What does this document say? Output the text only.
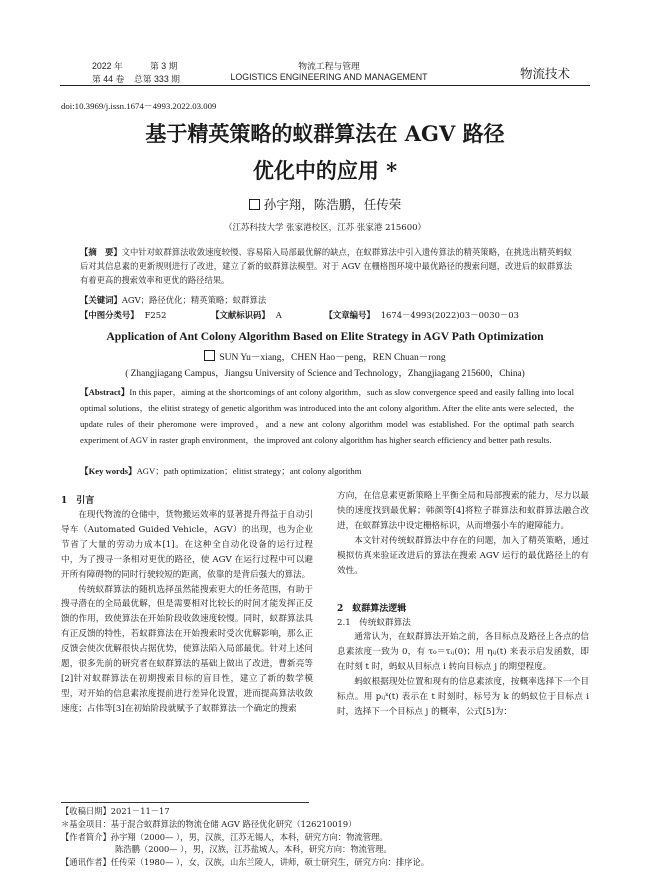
2022 年	第 3 期
第 44 卷 总第 333 期
物流工程与管理
LOGISTICS ENGINEERING AND MANAGEMENT	物流技术
doi:10.3969/j.issn.1674－4993.2022.03.009
基于精英策略的蚁群算法在 AGV 路径
优化中的应用 *
孙宇翔，陈浩鹏，任传荣
（江苏科技大学 张家港校区，江苏 张家港 215600）
【摘　要】文中针对蚁群算法收敛速度较慢、容易陷入局部最优解的缺点，在蚁群算法中引入遗传算法的精英策略，在挑选出精英蚂蚁后对其信息素的更新规则进行了改进，建立了新的蚁群算法模型。对于 AGV 在栅格图环境中最优路径的搜索问题，改进后的蚁群算法有着更高的搜索效率和更优的路径结果。
【关键词】AGV；路径优化；精英策略；蚁群算法
【中图分类号】 F252	【文献标识码】 A	【文章编号】 1674－4993(2022)03－0030－03
Application of Ant Colony Algorithm Based on Elite Strategy in AGV Path Optimization
SUN Yu－xiang，CHEN Hao－peng，REN Chuan－rong
( Zhangjiagang Campus，Jiangsu University of Science and Technology，Zhangjiagang 215600，China)
【Abstract】In this paper，aiming at the shortcomings of ant colony algorithm，such as slow convergence speed and easily falling into local optimal solutions，the elitist strategy of genetic algorithm was introduced into the ant colony algorithm. After the elite ants were selected，the update rules of their pheromone were improved，and a new ant colony algorithm model was established. For the optimal path search experiment of AGV in raster graph environment，the improved ant colony algorithm has higher search efficiency and better path results.
【Key words】AGV；path optimization；elitist strategy；ant colony algorithm
1　引言

在现代物流的仓储中，货物搬运效率的显著提升得益于自动引导车（Automated Guided Vehicle，AGV）的出现，也为企业节省了大量的劳动力成本[1]。在这种全自动化设备的运行过程中，为了搜寻一条相对更优的路径，使 AGV 在运行过程中可以避开所有障碍物的同时行驶较短的距离，依靠的是背后强大的算法。

传统蚁群算法的随机选择虽然能搜索更大的任务范围，有助于搜寻潜在的全局最优解，但是需要相对比较长的时间才能发挥正反馈的作用，致使算法在开始阶段收敛速度较慢。同时，蚁群算法具有正反馈的特性，若蚁群算法在开始搜索时受次优解影响，那么正反馈会使次优解很快占据优势，使算法陷入局部最优。针对上述问题，很多先前的研究者在蚁群算法的基础上做出了改进，曹新亮等[2]针对蚁群算法在初期搜索目标的盲目性，建立了新的数学模型，对开始的信息素浓度提前进行差异化设置，进而提高算法收敛速度；占伟等[3]在初始阶段就赋予了蚁群算法一个确定的搜索

方向，在信息素更新策略上平衡全局和局部搜索的能力，尽力以最快的速度找到最优解；韩颜等[4]将粒子群算法和蚁群算法融合改进，在蚁群算法中设定栅格标识，从而增强小车的避障能力。

本文针对传统蚁群算法中存在的问题，加入了精英策略，通过模拟仿真来验证改进后的算法在搜索 AGV 运行的最优路径上的有效性。

2　蚁群算法逻辑
2.1　传统蚁群算法

通常认为，在蚁群算法开始之前，各目标点及路径上各点的信息素浓度一致为 0，有 τ₀＝τᵢⱼ(0)；用 ηᵢⱼ(t) 来表示启发函数，即在时刻 t 时，蚂蚁从目标点 i 转向目标点 j 的期望程度。

蚂蚁根据现处位置和现有的信息素浓度，按概率选择下一个目标点。用 pᵢⱼᵏ(t) 表示在 t 时刻时，标号为 k 的蚂蚁位于目标点 i 时，选择下一个目标点 j 的概率，公式[5]为：

【收稿日期】2021－11－17
＊基金项目：基于混合蚁群算法的物流仓储 AGV 路径优化研究（126210019）
【作者简介】孙宇翔（2000— ），男，汉族，江苏无锡人，本科，研究方向：物流管理。
陈浩鹏（2000— ），男，汉族，江苏盐城人，本科，研究方向：物流管理。
【通讯作者】任传荣（1980— ），女，汉族，山东兰陵人，讲师，硕士研究生，研究方向：排序论。
